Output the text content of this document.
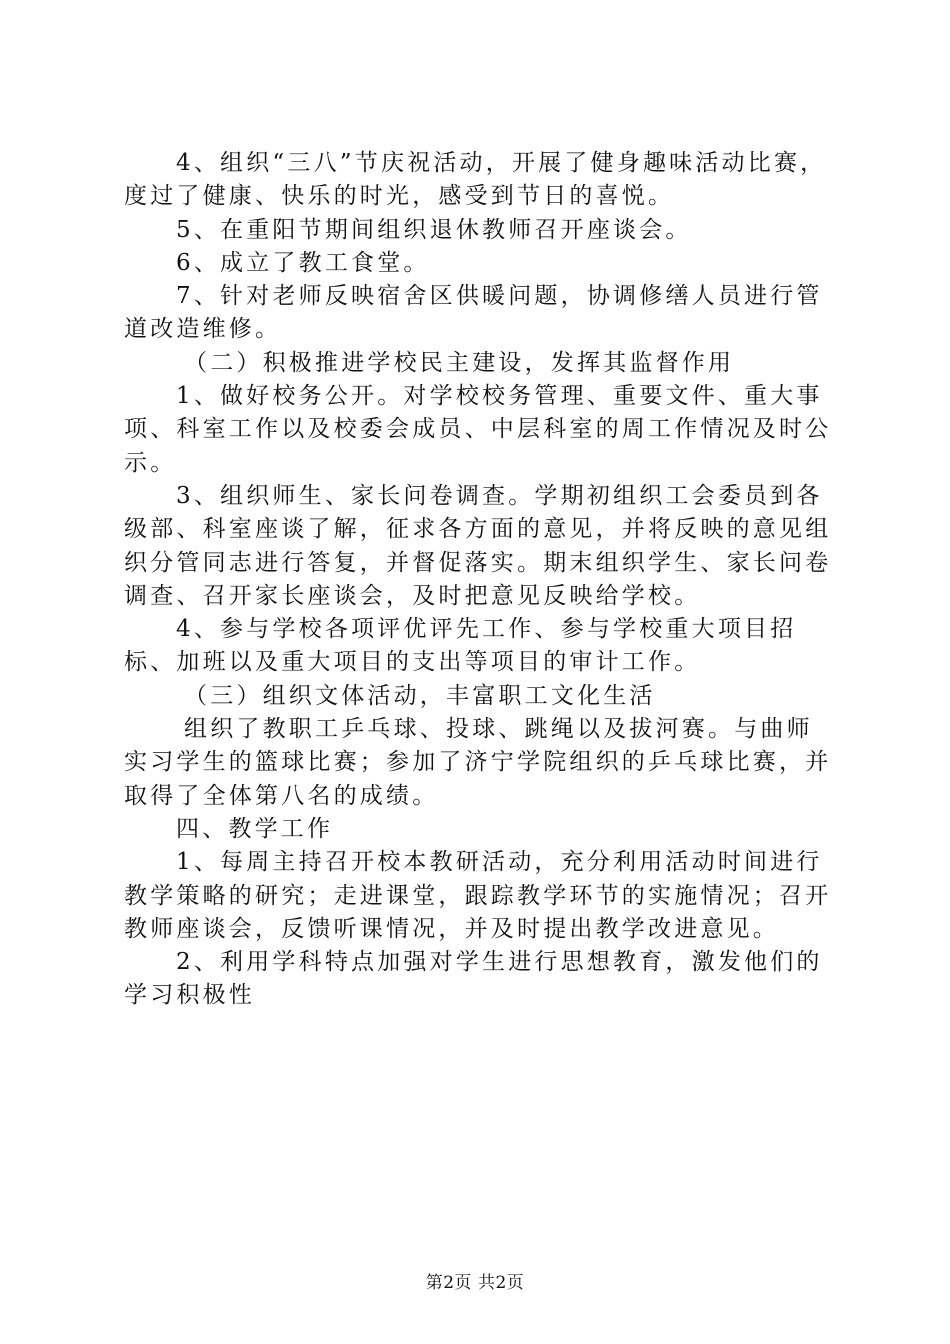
4、组织“三八”节庆祝活动，开展了健身趣味活动比赛，度过了健康、快乐的时光，感受到节日的喜悦。

5、在重阳节期间组织退休教师召开座谈会。

6、成立了教工食堂。

7、针对老师反映宿舍区供暖问题，协调修缮人员进行管道改造维修。

（二）积极推进学校民主建设，发挥其监督作用

1、做好校务公开。对学校校务管理、重要文件、重大事项、科室工作以及校委会成员、中层科室的周工作情况及时公示。

3、组织师生、家长问卷调查。学期初组织工会委员到各级部、科室座谈了解，征求各方面的意见，并将反映的意见组织分管同志进行答复，并督促落实。期末组织学生、家长问卷调查、召开家长座谈会，及时把意见反映给学校。

4、参与学校各项评优评先工作、参与学校重大项目招标、加班以及重大项目的支出等项目的审计工作。

（三）组织文体活动，丰富职工文化生活

组织了教职工乒乓球、投球、跳绳以及拔河赛。与曲师实习学生的篮球比赛；参加了济宁学院组织的乒乓球比赛，并取得了全体第八名的成绩。

四、教学工作

1、每周主持召开校本教研活动，充分利用活动时间进行教学策略的研究；走进课堂，跟踪教学环节的实施情况；召开教师座谈会，反馈听课情况，并及时提出教学改进意见。

2、利用学科特点加强对学生进行思想教育，激发他们的学习积极性

第2页 共2页
